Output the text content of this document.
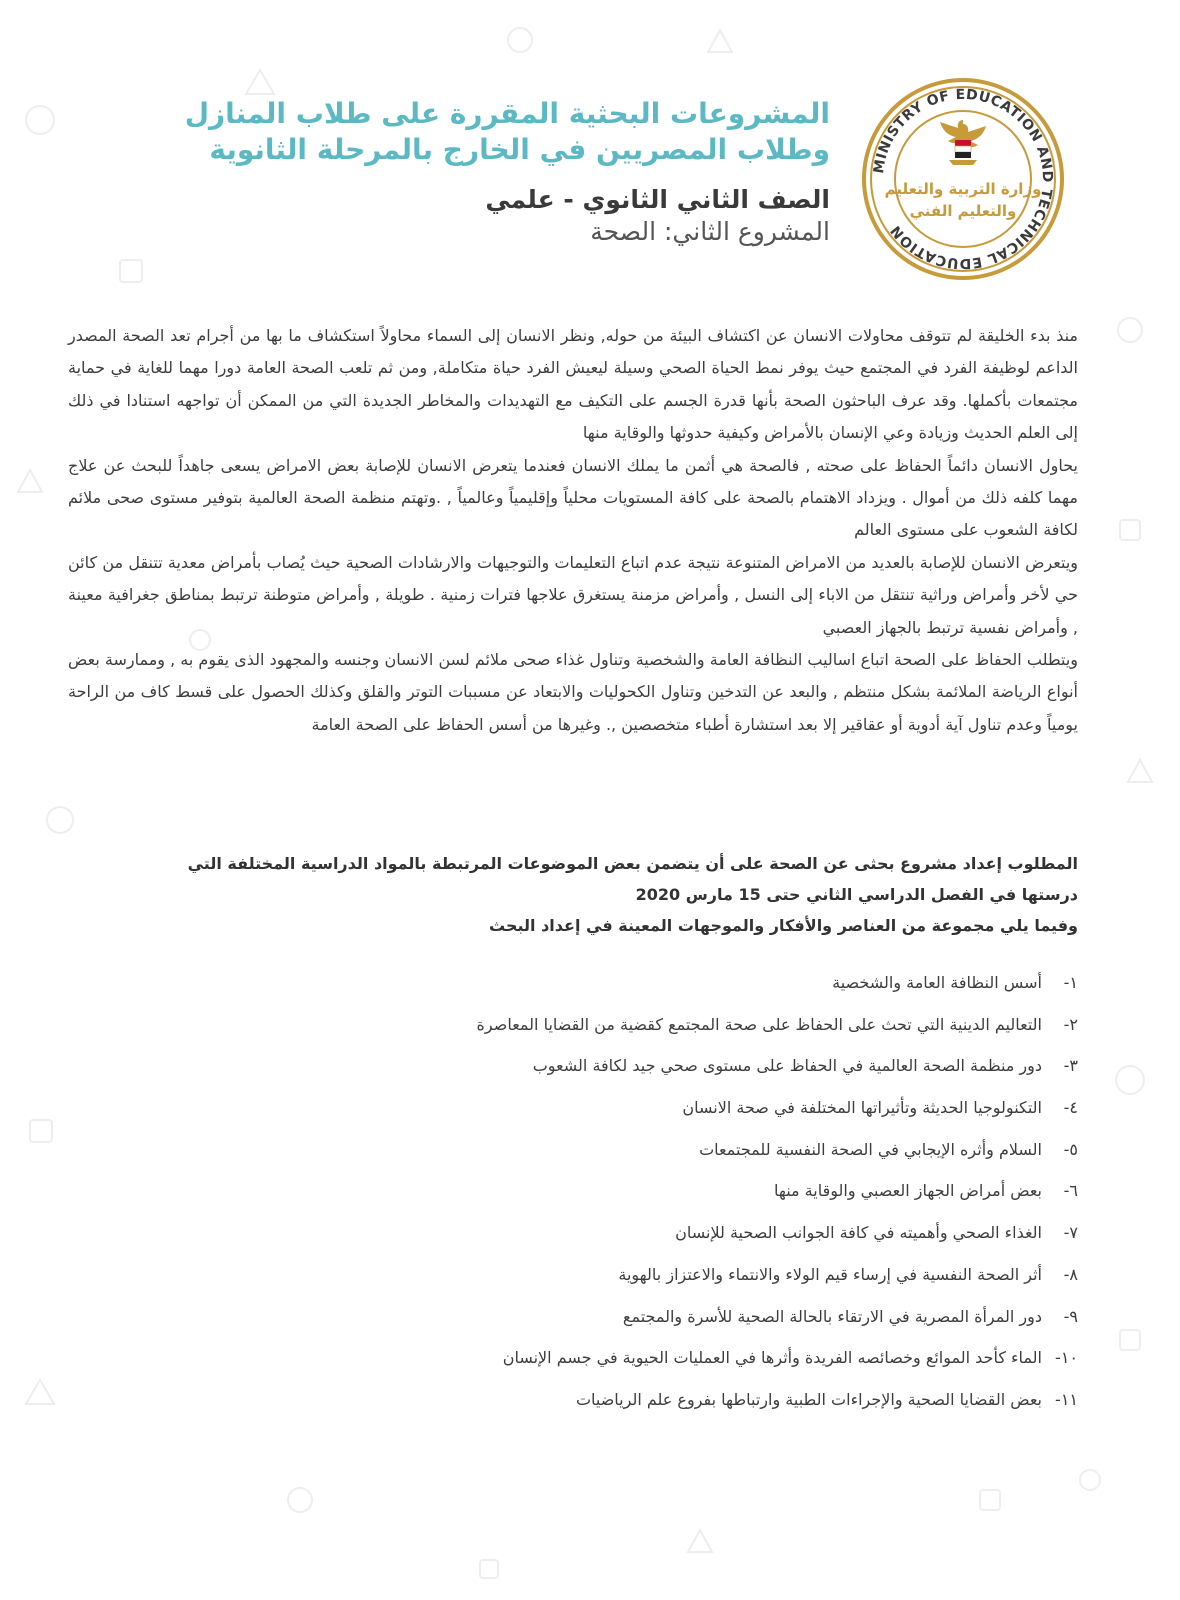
المشروعات البحثية المقررة على طلاب المنازل
وطلاب المصريين في الخارج بالمرحلة الثانوية
الصف الثاني الثانوي - علمي
المشروع الثاني: الصحة
MINISTRY OF EDUCATION AND TECHNICAL EDUCATION
وزارة التربية والتعليم
والتعليم الفني

منذ بدء الخليقة لم تتوقف محاولات الانسان عن اكتشاف البيئة من حوله, ونظر الانسان إلى السماء محاولاً استكشاف ما بها من أجرام تعد الصحة المصدر الداعم لوظيفة الفرد في المجتمع حيث يوفر نمط الحياة الصحي وسيلة ليعيش الفرد حياة متكاملة, ومن ثم تلعب الصحة العامة دورا مهما للغاية في حماية مجتمعات بأكملها. وقد عرف الباحثون الصحة بأنها قدرة الجسم على التكيف مع التهديدات والمخاطر الجديدة التي من الممكن أن تواجهه استنادا في ذلك إلى العلم الحديث وزيادة وعي الإنسان بالأمراض وكيفية حدوثها والوقاية منها

يحاول الانسان دائماً الحفاظ على صحته , فالصحة هي أثمن ما يملك الانسان فعندما يتعرض الانسان للإصابة بعض الامراض يسعى جاهداً للبحث عن علاج مهما كلفه ذلك من أموال . ويزداد الاهتمام بالصحة على كافة المستويات محلياً وإقليمياً وعالمياً , .وتهتم منظمة الصحة العالمية بتوفير مستوى صحى ملائم لكافة الشعوب على مستوى العالم

ويتعرض الانسان للإصابة بالعديد من الامراض المتنوعة نتيجة عدم اتباع التعليمات والتوجيهات والارشادات الصحية حيث يُصاب بأمراض معدية تتنقل من كائن حي لأخر وأمراض وراثية تنتقل من الاباء إلى النسل , وأمراض مزمنة يستغرق علاجها فترات زمنية . طويلة , وأمراض متوطنة ترتبط بمناطق جغرافية معينة , وأمراض نفسية ترتبط بالجهاز العصبي

ويتطلب الحفاظ على الصحة اتباع اساليب النظافة العامة والشخصية وتناول غذاء صحى ملائم لسن الانسان وجنسه والمجهود الذى يقوم به , وممارسة بعض أنواع الرياضة الملائمة بشكل منتظم , والبعد عن التدخين وتناول الكحوليات والابتعاد عن مسببات التوتر والقلق وكذلك الحصول على قسط كاف من الراحة يومياً وعدم تناول آية أدوية أو عقاقير إلا بعد استشارة أطباء متخصصين ,. وغيرها من أسس الحفاظ على الصحة العامة

المطلوب إعداد مشروع بحثى عن الصحة على أن يتضمن بعض الموضوعات المرتبطة بالمواد الدراسية المختلفة التي

درستها في الفصل الدراسي الثاني حتى 15 مارس 2020

وفيما يلي مجموعة من العناصر والأفكار والموجهات المعينة في إعداد البحث

١-
أسس النظافة العامة والشخصية
٢-
التعاليم الدينية التي تحث على الحفاظ على صحة المجتمع كقضية من القضايا المعاصرة
٣-
دور منظمة الصحة العالمية في الحفاظ على مستوى صحي جيد لكافة الشعوب
٤-
التكنولوجيا الحديثة وتأثيراتها المختلفة في صحة الانسان
٥-
السلام وأثره الإيجابي في الصحة النفسية للمجتمعات
٦-
بعض أمراض الجهاز العصبي والوقاية منها
٧-
الغذاء الصحي وأهميته في كافة الجوانب الصحية للإنسان
٨-
أثر الصحة النفسية في إرساء قيم الولاء والانتماء والاعتزاز بالهوية
٩-
دور المرأة المصرية في الارتقاء بالحالة الصحية للأسرة والمجتمع
١٠-
الماء كأحد الموائع وخصائصه الفريدة وأثرها في العمليات الحيوية في جسم الإنسان
١١-
بعض القضايا الصحية والإجراءات الطبية وارتباطها بفروع علم الرياضيات
